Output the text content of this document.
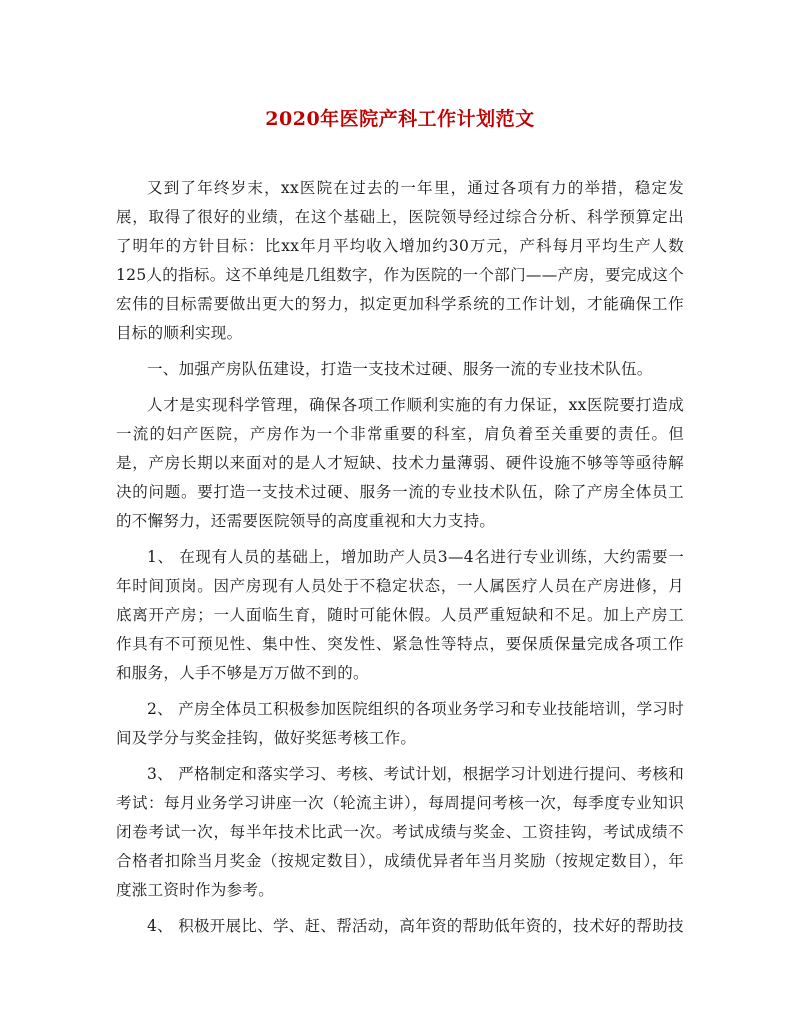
2020年医院产科工作计划范文

又到了年终岁末，xx医院在过去的一年里，通过各项有力的举措，稳定发展，取得了很好的业绩，在这个基础上，医院领导经过综合分析、科学预算定出了明年的方针目标：比xx年月平均收入增加约30万元，产科每月平均生产人数125人的指标。这不单纯是几组数字，作为医院的一个部门——产房，要完成这个宏伟的目标需要做出更大的努力，拟定更加科学系统的工作计划，才能确保工作目标的顺利实现。

一、加强产房队伍建设，打造一支技术过硬、服务一流的专业技术队伍。

人才是实现科学管理，确保各项工作顺利实施的有力保证，xx医院要打造成一流的妇产医院，产房作为一个非常重要的科室，肩负着至关重要的责任。但是，产房长期以来面对的是人才短缺、技术力量薄弱、硬件设施不够等等亟待解决的问题。要打造一支技术过硬、服务一流的专业技术队伍，除了产房全体员工的不懈努力，还需要医院领导的高度重视和大力支持。

1、 在现有人员的基础上，增加助产人员3—4名进行专业训练，大约需要一年时间顶岗。因产房现有人员处于不稳定状态，一人属医疗人员在产房进修，月底离开产房；一人面临生育，随时可能休假。人员严重短缺和不足。加上产房工作具有不可预见性、集中性、突发性、紧急性等特点，要保质保量完成各项工作和服务，人手不够是万万做不到的。

2、 产房全体员工积极参加医院组织的各项业务学习和专业技能培训，学习时间及学分与奖金挂钩，做好奖惩考核工作。

3、 严格制定和落实学习、考核、考试计划，根据学习计划进行提问、考核和考试：每月业务学习讲座一次（轮流主讲），每周提问考核一次，每季度专业知识闭卷考试一次，每半年技术比武一次。考试成绩与奖金、工资挂钩，考试成绩不合格者扣除当月奖金（按规定数目），成绩优异者年当月奖励（按规定数目），年度涨工资时作为参考。

4、 积极开展比、学、赶、帮活动，高年资的帮助低年资的，技术好的帮助技
